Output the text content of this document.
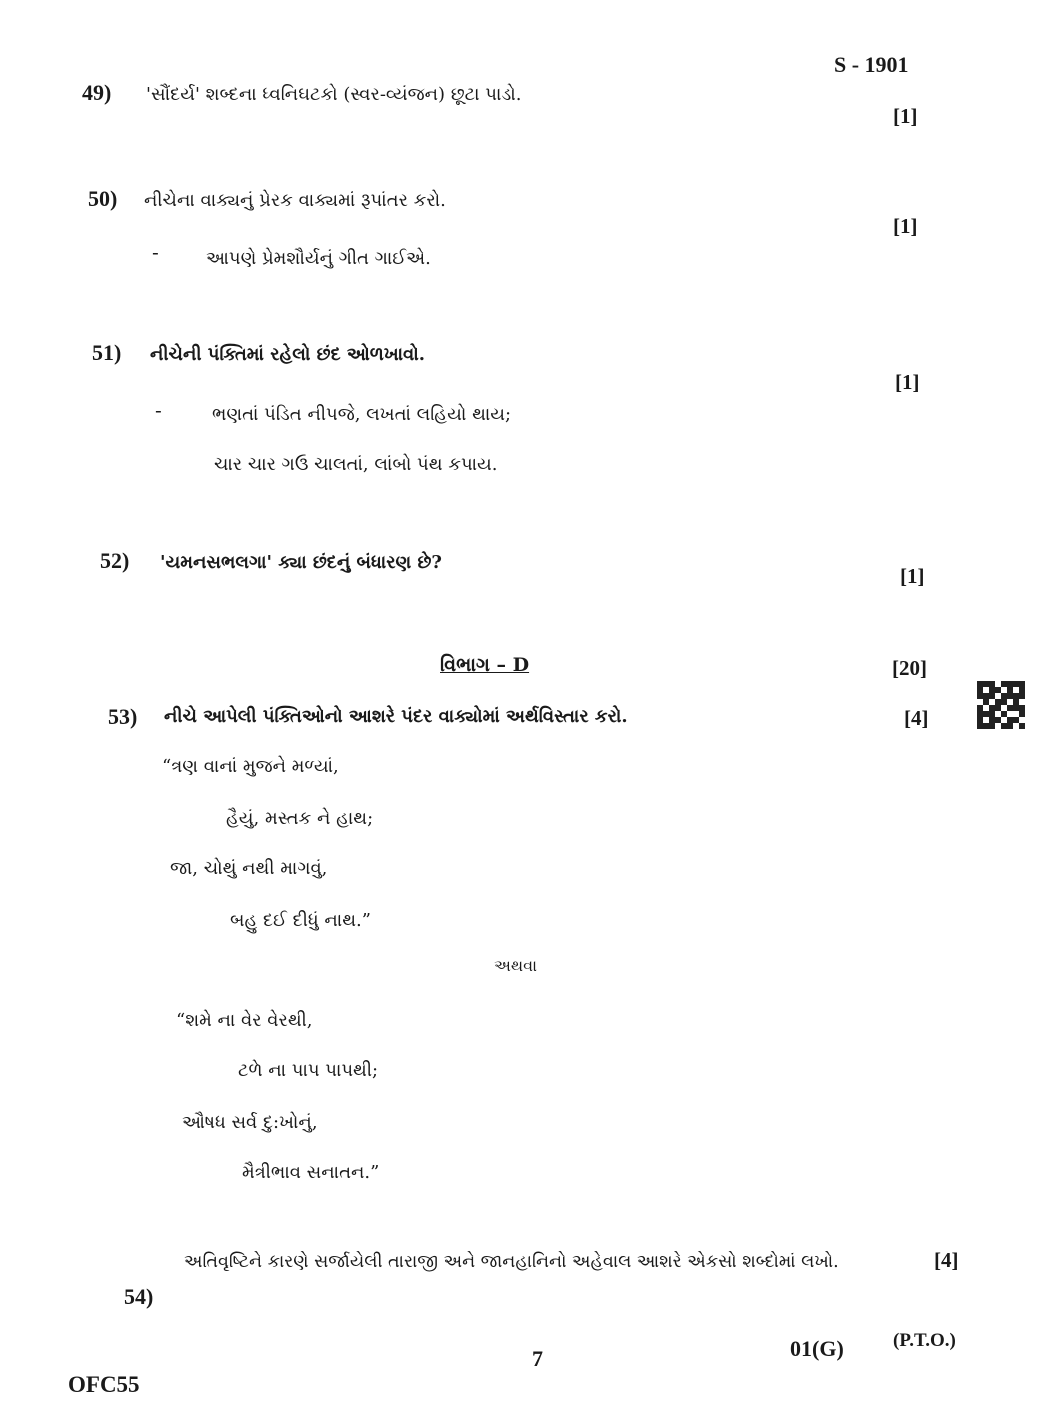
S - 1901
49) 'સૌંદર્ય' શબ્દના ધ્વનિઘટકો (સ્વર-વ્યંજન) છૂટા પાડો.
[1]
50) નીચેના વાક્યનું પ્રેરક વાક્યમાં રૂપાંતર કરો.
[1]
-	આપણે પ્રેમશૌર્યનું ગીત ગાઈએ.
51) નીચેની પંક્તિમાં રહેલો છંદ ઓળખાવો.
[1]
-	ભણતાં પંડિત નીપજે, લખતાં લહિયો થાય;
ચાર ચાર ગઉ ચાલતાં, લાંબો પંથ કપાય.
52) 'યમનસભલગા' ક્યા છંદનું બંધારણ છે?
[1]
વિભાગ – D	[20]
53) નીચે આપેલી પંક્તિઓનો આશરે પંદર વાક્યોમાં અર્થવિસ્તાર કરો.	[4]
“ત્રણ વાનાં મુજને મળ્યાં,
હૈયું, મસ્તક ને હાથ;
જા, ચોથું નથી માગવું,
બહુ દઈ દીધું નાથ.”
અથવા
“શમે ના વેર વેરથી,
ટળે ના પાપ પાપથી;
ઔષધ સર્વ દુ:ખોનું,
મૈત્રીભાવ સનાતન.”
54)
અતિવૃષ્ટિને કારણે સર્જાયેલી તારાજી અને જાનહાનિનો અહેવાલ આશરે એકસો શબ્દોમાં લખો.	[4]
7	01(G)	(P.T.O.)
OFC55
